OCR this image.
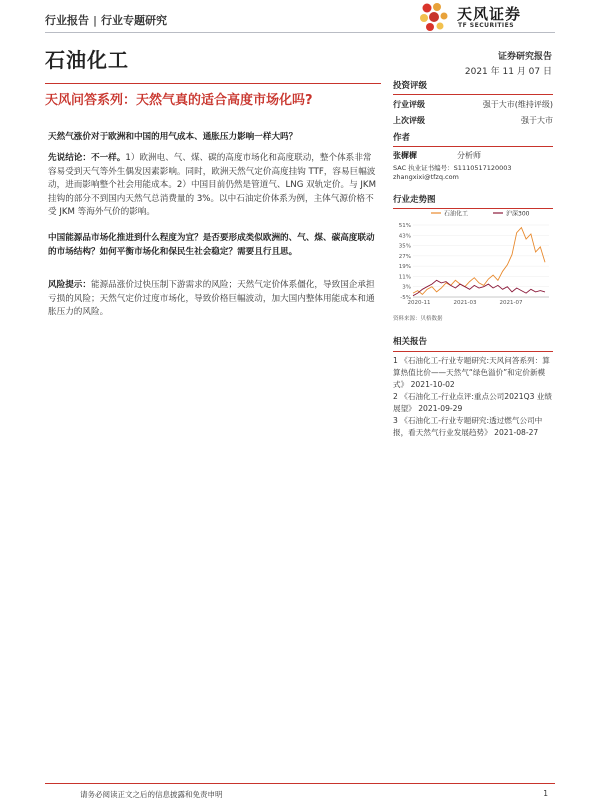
行业报告 | 行业专题研究	天风证券
TF SECURITIES
石油化工	证券研究报告
2021 年 11 月 07 日
天风问答系列：天然气真的适合高度市场化吗?
天然气涨价对于欧洲和中国的用气成本、通胀压力影响一样大吗？
先说结论：不一样。1）欧洲电、气、煤、碳的高度市场化和高度联动，整个体系非常容易受到天气等外生偶发因素影响。同时，欧洲天然气定价高度挂钩 TTF，容易巨幅波动，进而影响整个社会用能成本。2）中国目前仍然是管道气、LNG 双轨定价。与 JKM 挂钩的部分不到国内天然气总消费量的 3%。以中石油定价体系为例，主体气源价格不受 JKM 等海外气价的影响。
中国能源品市场化推进到什么程度为宜？是否要形成类似欧洲的、气、煤、碳高度联动的市场结构？如何平衡市场化和保民生社会稳定？需要且行且思。
风险提示：能源品涨价过快压制下游需求的风险；天然气定价体系僵化，导致国企承担亏损的风险；天然气定价过度市场化，导致价格巨幅波动，加大国内整体用能成本和通胀压力的风险。
投资评级
行业评级	强于大市(维持评级)
上次评级	强于大市
作者
张樨樨	分析师
SAC 执业证书编号：S1110517120003
zhangxixi@tfzq.com
行业走势图
石油化工	沪深300
51%
43%
35%
27%
19%
11%
3%
-5%
2020-11	2021-03	2021-07
资料来源：贝格数据
相关报告
1 《石油化工-行业专题研究:天风问答系列：算算热值比价——天然气“绿色溢价”和定价新模式》 2021-10-02
2 《石油化工-行业点评:重点公司2021Q3 业绩展望》 2021-09-29
3 《石油化工-行业专题研究:透过燃气公司中报，看天然气行业发展趋势》 2021-08-27
请务必阅读正文之后的信息披露和免责申明	1
